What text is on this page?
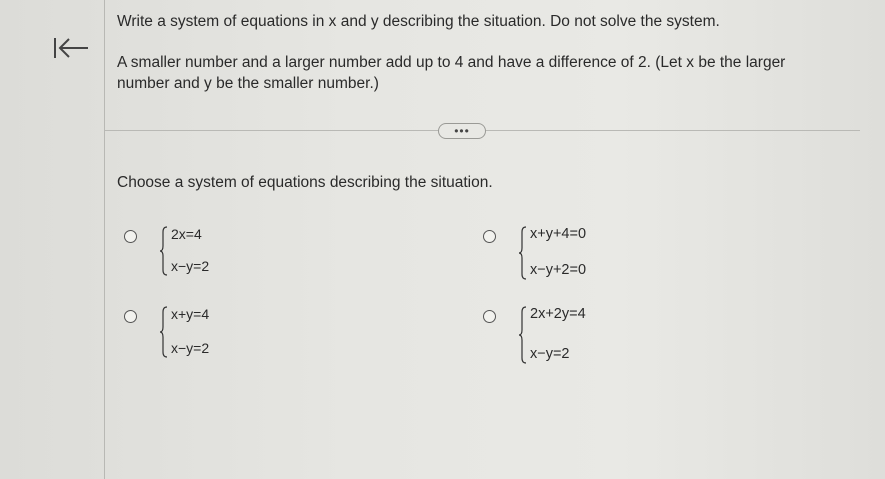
Write a system of equations in x and y describing the situation. Do not solve the system.
A smaller number and a larger number add up to 4 and have a difference of 2. (Let x be the larger
number and y be the smaller number.)
•••
Choose a system of equations describing the situation.
2x=4
x−y=2
x+y+4=0
x−y+2=0
x+y=4
x−y=2
2x+2y=4
x−y=2
